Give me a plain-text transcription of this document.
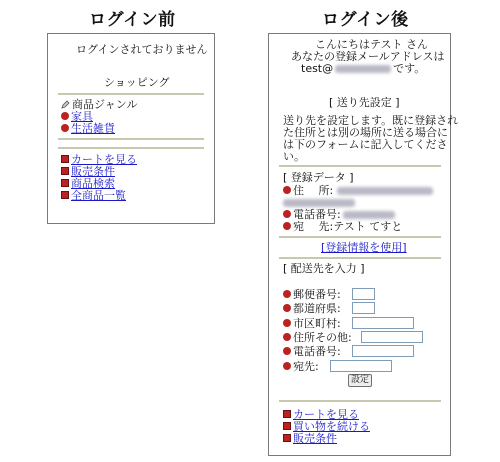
ログイン前	ログイン後
ログインされておりません
ショッピング
商品ジャンル
家具
生活雑貨
カートを見る
販売条件
商品検索
全商品一覧
こんにちはテスト さん
あなたの登録メールアドレスは
test@	です。
[ 送り先設定 ]
送り先を設定します。既に登録され
た住所とは別の場所に送る場合に
は下のフォームに記入してくださ
い。
[ 登録データ ]
住　 所:
電話番号:
宛　 先:テスト てすと
[登録情報を使用]
[ 配送先を入力 ]
郵便番号:
都道府県:
市区町村:
住所その他:
電話番号:
宛先:
設定
カートを見る
買い物を続ける
販売条件
